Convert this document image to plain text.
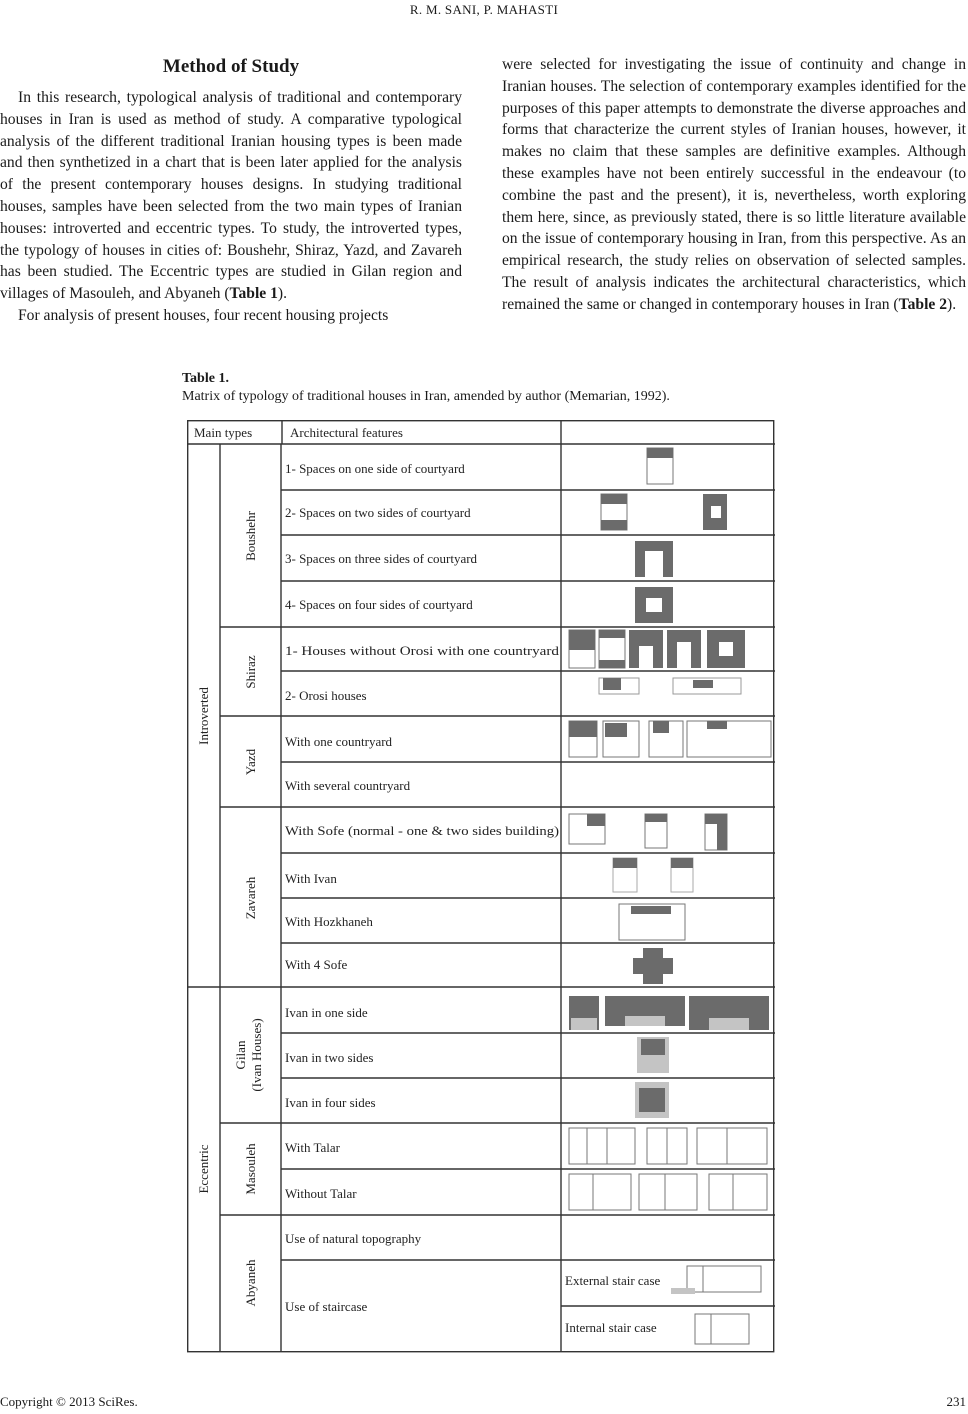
R. M. SANI, P. MAHASTI
Method of Study

In this research, typological analysis of traditional and contemporary houses in Iran is used as method of study. A comparative typological analysis of the different traditional Iranian housing types is been made and then synthetized in a chart that is been later applied for the analysis of the present contemporary houses designs. In studying traditional houses, samples have been selected from the two main types of Iranian houses: introverted and eccentric types. To study, the introverted types, the typology of houses in cities of: Boushehr, Shiraz, Yazd, and Zavareh has been studied. The Eccentric types are studied in Gilan region and villages of Masouleh, and Abyaneh (Table 1).

For analysis of present houses, four recent housing projects

were selected for investigating the issue of continuity and change in Iranian houses. The selection of contemporary examples identified for the purposes of this paper attempts to demonstrate the diverse approaches and forms that characterize the current styles of Iranian houses, however, it makes no claim that these samples are definitive examples. Although these examples have not been entirely successful in the endeavour (to combine the past and the present), it is, nevertheless, worth exploring them here, since, as previously stated, there is so little literature available on the issue of contemporary housing in Iran, from this perspective. As an empirical research, the study relies on observation of selected samples. The result of analysis indicates the architectural characteristics, which remained the same or changed in contemporary houses in Iran (Table 2).

Table 1.
Matrix of typology of traditional houses in Iran, amended by author (Memarian, 1992).
Main types	Architectural features
Introverted
Eccentric
Boushehr
Shiraz
Yazd
Zavareh
Gilan (Ivan Houses)
Masouleh
Abyaneh
1- Spaces on one side of courtyard
2- Spaces on two sides of courtyard
3- Spaces on three sides of courtyard
4- Spaces on four sides of courtyard
1- Houses without Orosi with one countryard
2- Orosi houses
With one countryard
With several countryard
With Sofe (normal - one & two sides building)
With Ivan
With Hozkhaneh
With 4 Sofe
Ivan in one side
Ivan in two sides
Ivan in four sides
With Talar
Without Talar
Use of natural topography
Use of staircase
External stair case
Internal stair case
Copyright © 2013 SciRes.	231
